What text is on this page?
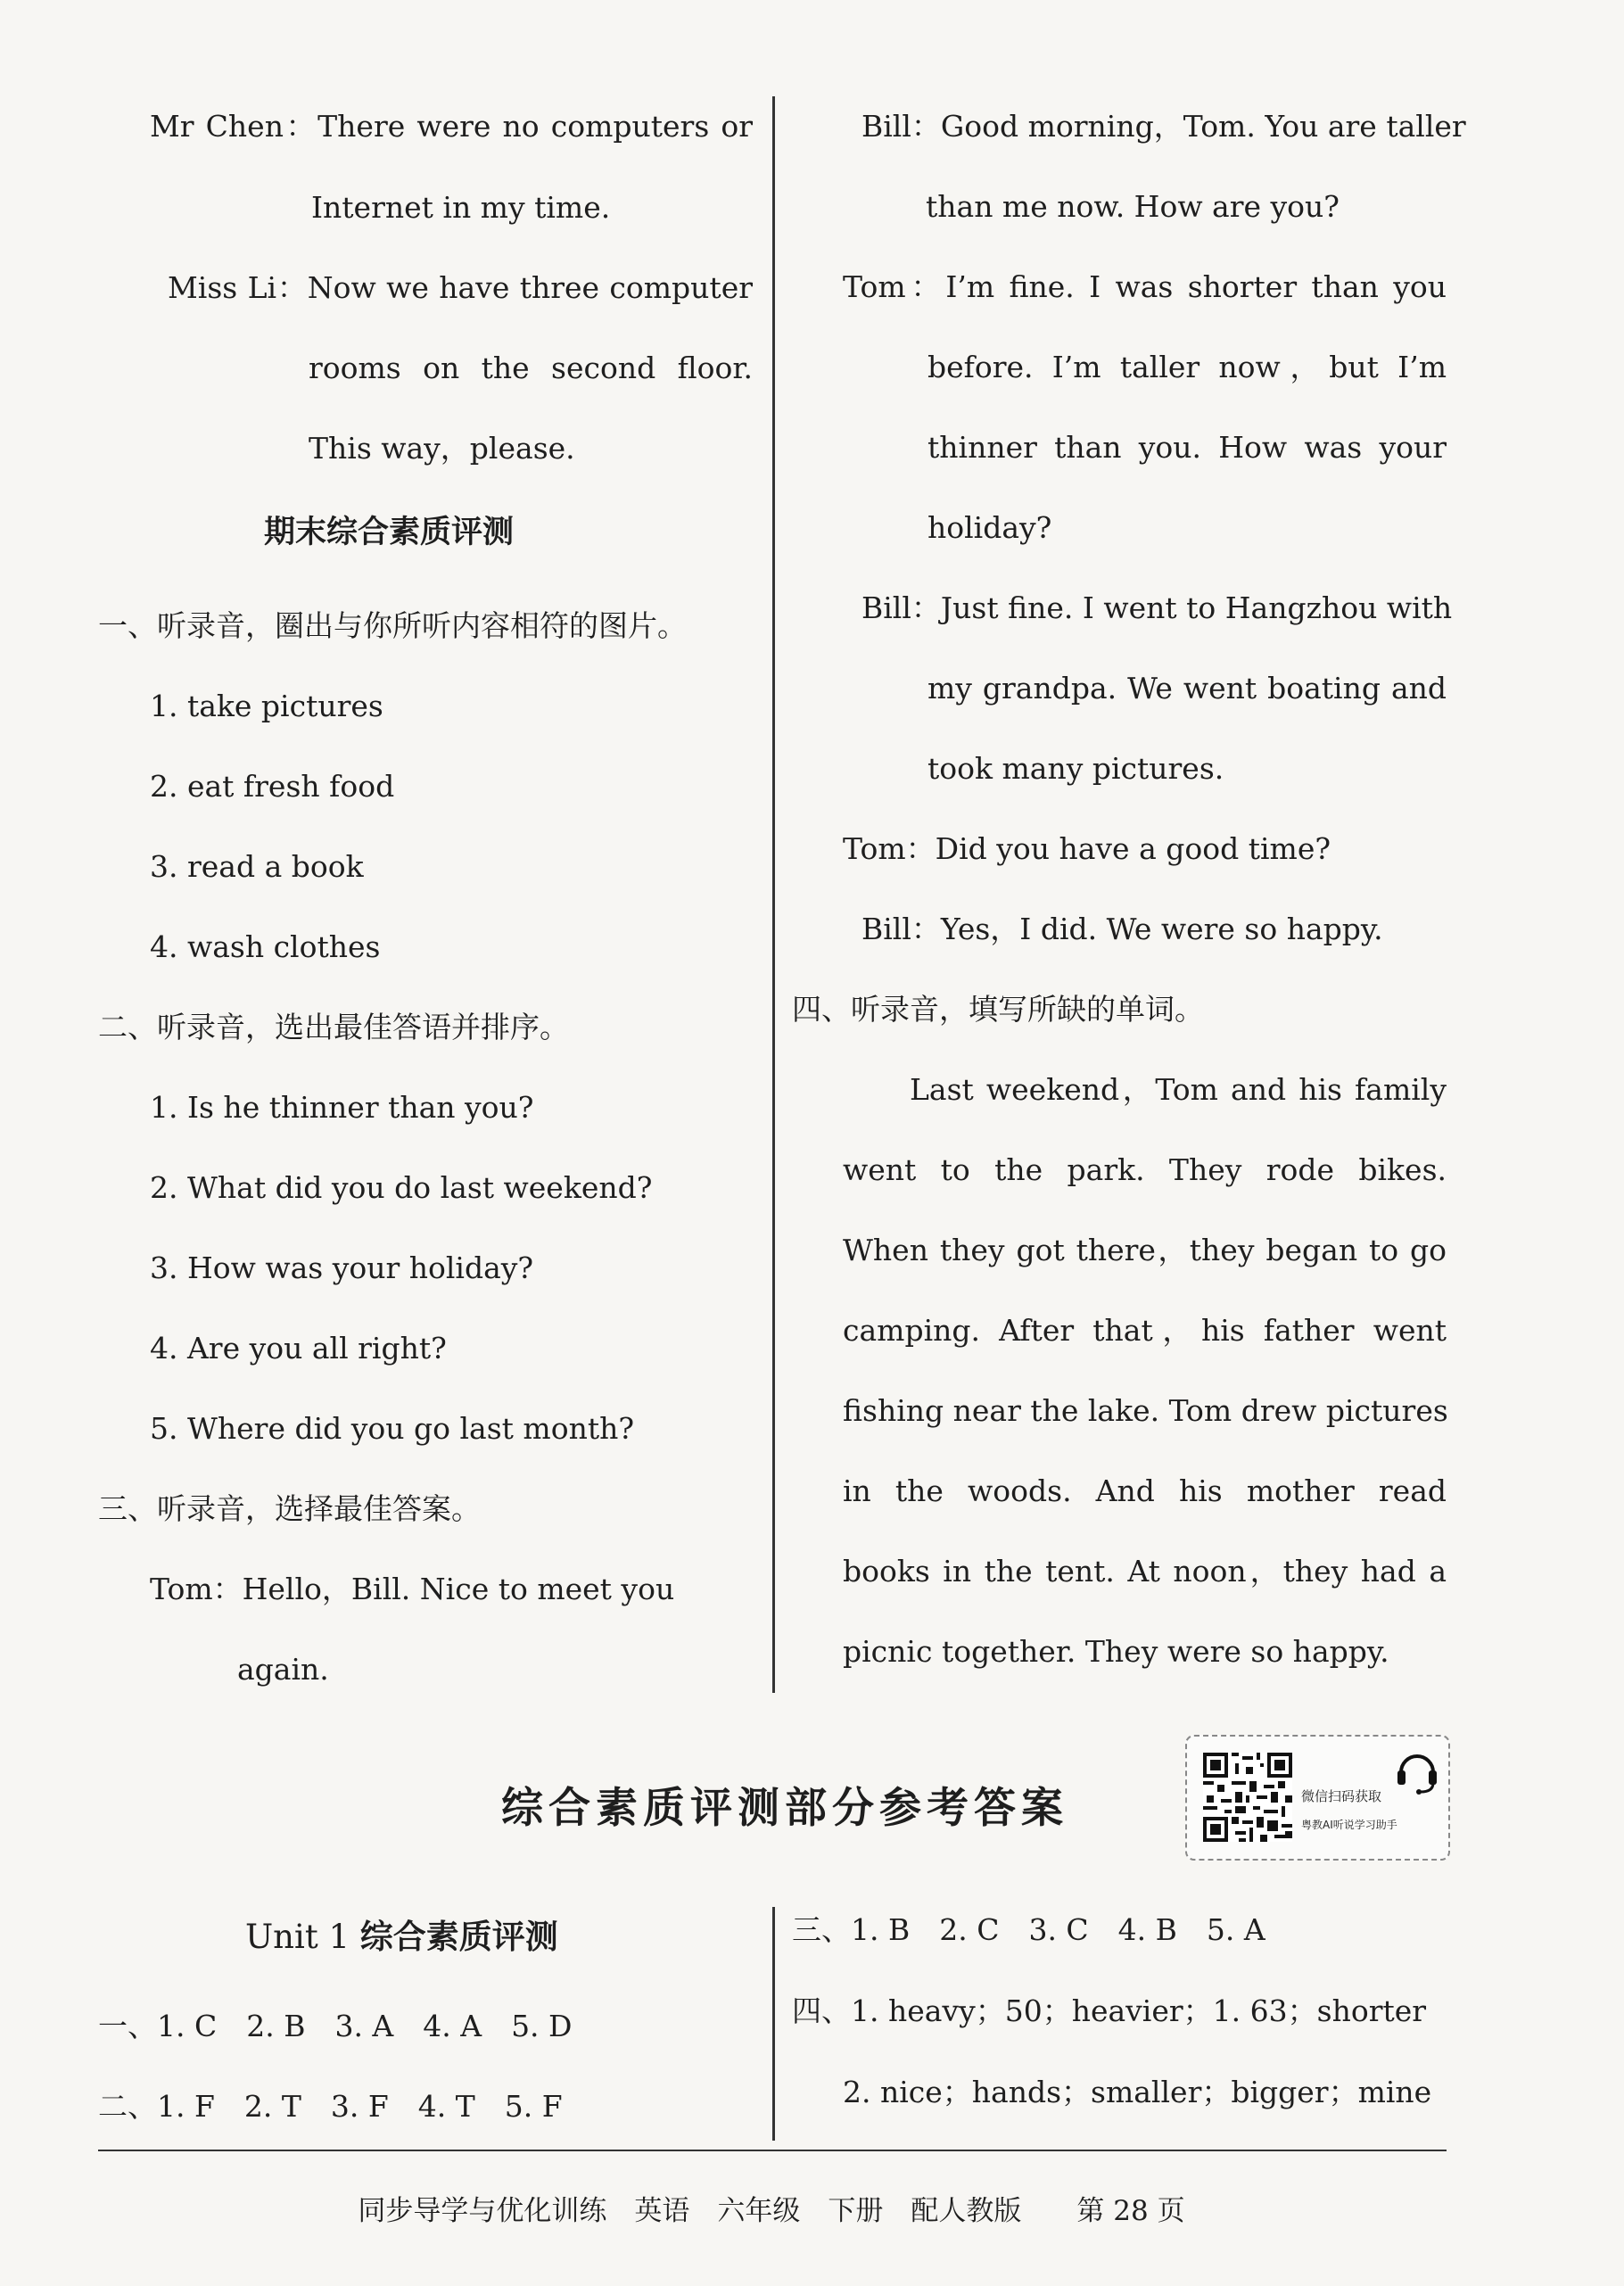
Mr Chen：There were no computers or
Internet in my time.
Miss Li：Now we have three computer
rooms on the second floor.
This way，please.
期末综合素质评测
一、听录音，圈出与你所听内容相符的图片。
1. take pictures
2. eat fresh food
3. read a book
4. wash clothes
二、听录音，选出最佳答语并排序。
1. Is he thinner than you?
2. What did you do last weekend?
3. How was your holiday?
4. Are you all right?
5. Where did you go last month?
三、听录音，选择最佳答案。
Tom：Hello，Bill. Nice to meet you
again.
Bill：Good morning，Tom. You are taller
than me now. How are you?
Tom：I’m fine. I was shorter than you
before. I’m taller now，but I’m
thinner than you. How was your
holiday?
Bill：Just fine. I went to Hangzhou with
my grandpa. We went boating and
took many pictures.
Tom：Did you have a good time?
Bill：Yes，I did. We were so happy.
四、听录音，填写所缺的单词。
Last weekend，Tom and his family
went to the park. They rode bikes.
When they got there，they began to go
camping. After that，his father went
fishing near the lake. Tom drew pictures
in the woods. And his mother read
books in the tent. At noon，they had a
picnic together. They were so happy.
综合素质评测部分参考答案	微信扫码获取
粤教AI听说学习助手
Unit 1 综合素质评测
一、1. C　2. B　3. A　4. A　5. D
二、1. F　2. T　3. F　4. T　5. F
三、1. B　2. C　3. C　4. B　5. A
四、1. heavy；50；heavier；1. 63；shorter
2. nice；hands；smaller；bigger；mine
同步导学与优化训练　英语　六年级　下册　配人教版　　第 28 页
